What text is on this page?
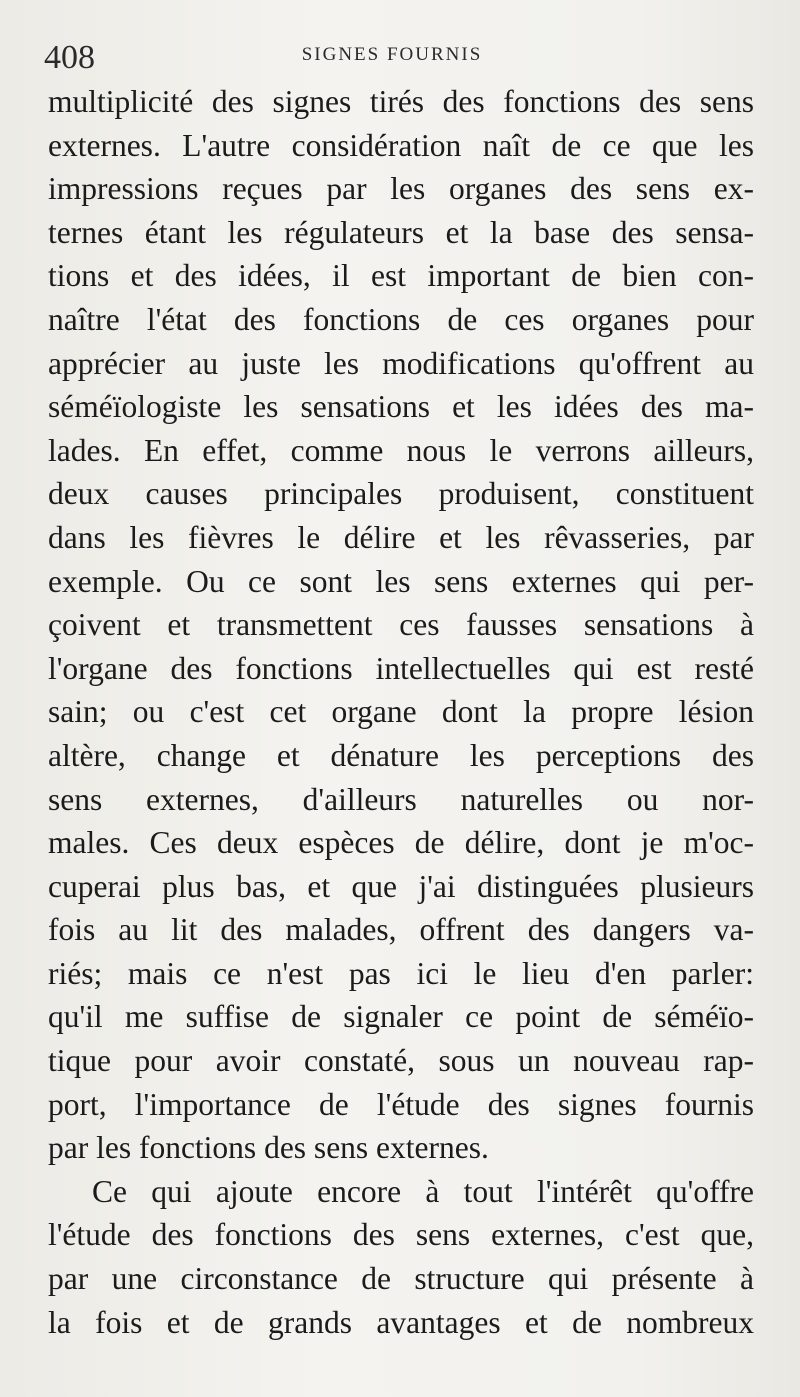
408	SIGNES FOURNIS
multiplicité des signes tirés des fonctions des sens
externes. L'autre considération naît de ce que les
impressions reçues par les organes des sens ex-
ternes étant les régulateurs et la base des sensa-
tions et des idées, il est important de bien con-
naître l'état des fonctions de ces organes pour
apprécier au juste les modifications qu'offrent au
séméïologiste les sensations et les idées des ma-
lades. En effet, comme nous le verrons ailleurs,
deux causes principales produisent, constituent
dans les fièvres le délire et les rêvasseries, par
exemple. Ou ce sont les sens externes qui per-
çoivent et transmettent ces fausses sensations à
l'organe des fonctions intellectuelles qui est resté
sain; ou c'est cet organe dont la propre lésion
altère, change et dénature les perceptions des
sens externes, d'ailleurs naturelles ou nor-
males. Ces deux espèces de délire, dont je m'oc-
cuperai plus bas, et que j'ai distinguées plusieurs
fois au lit des malades, offrent des dangers va-
riés; mais ce n'est pas ici le lieu d'en parler:
qu'il me suffise de signaler ce point de séméïo-
tique pour avoir constaté, sous un nouveau rap-
port, l'importance de l'étude des signes fournis
par les fonctions des sens externes.
Ce qui ajoute encore à tout l'intérêt qu'offre
l'étude des fonctions des sens externes, c'est que,
par une circonstance de structure qui présente à
la fois et de grands avantages et de nombreux
